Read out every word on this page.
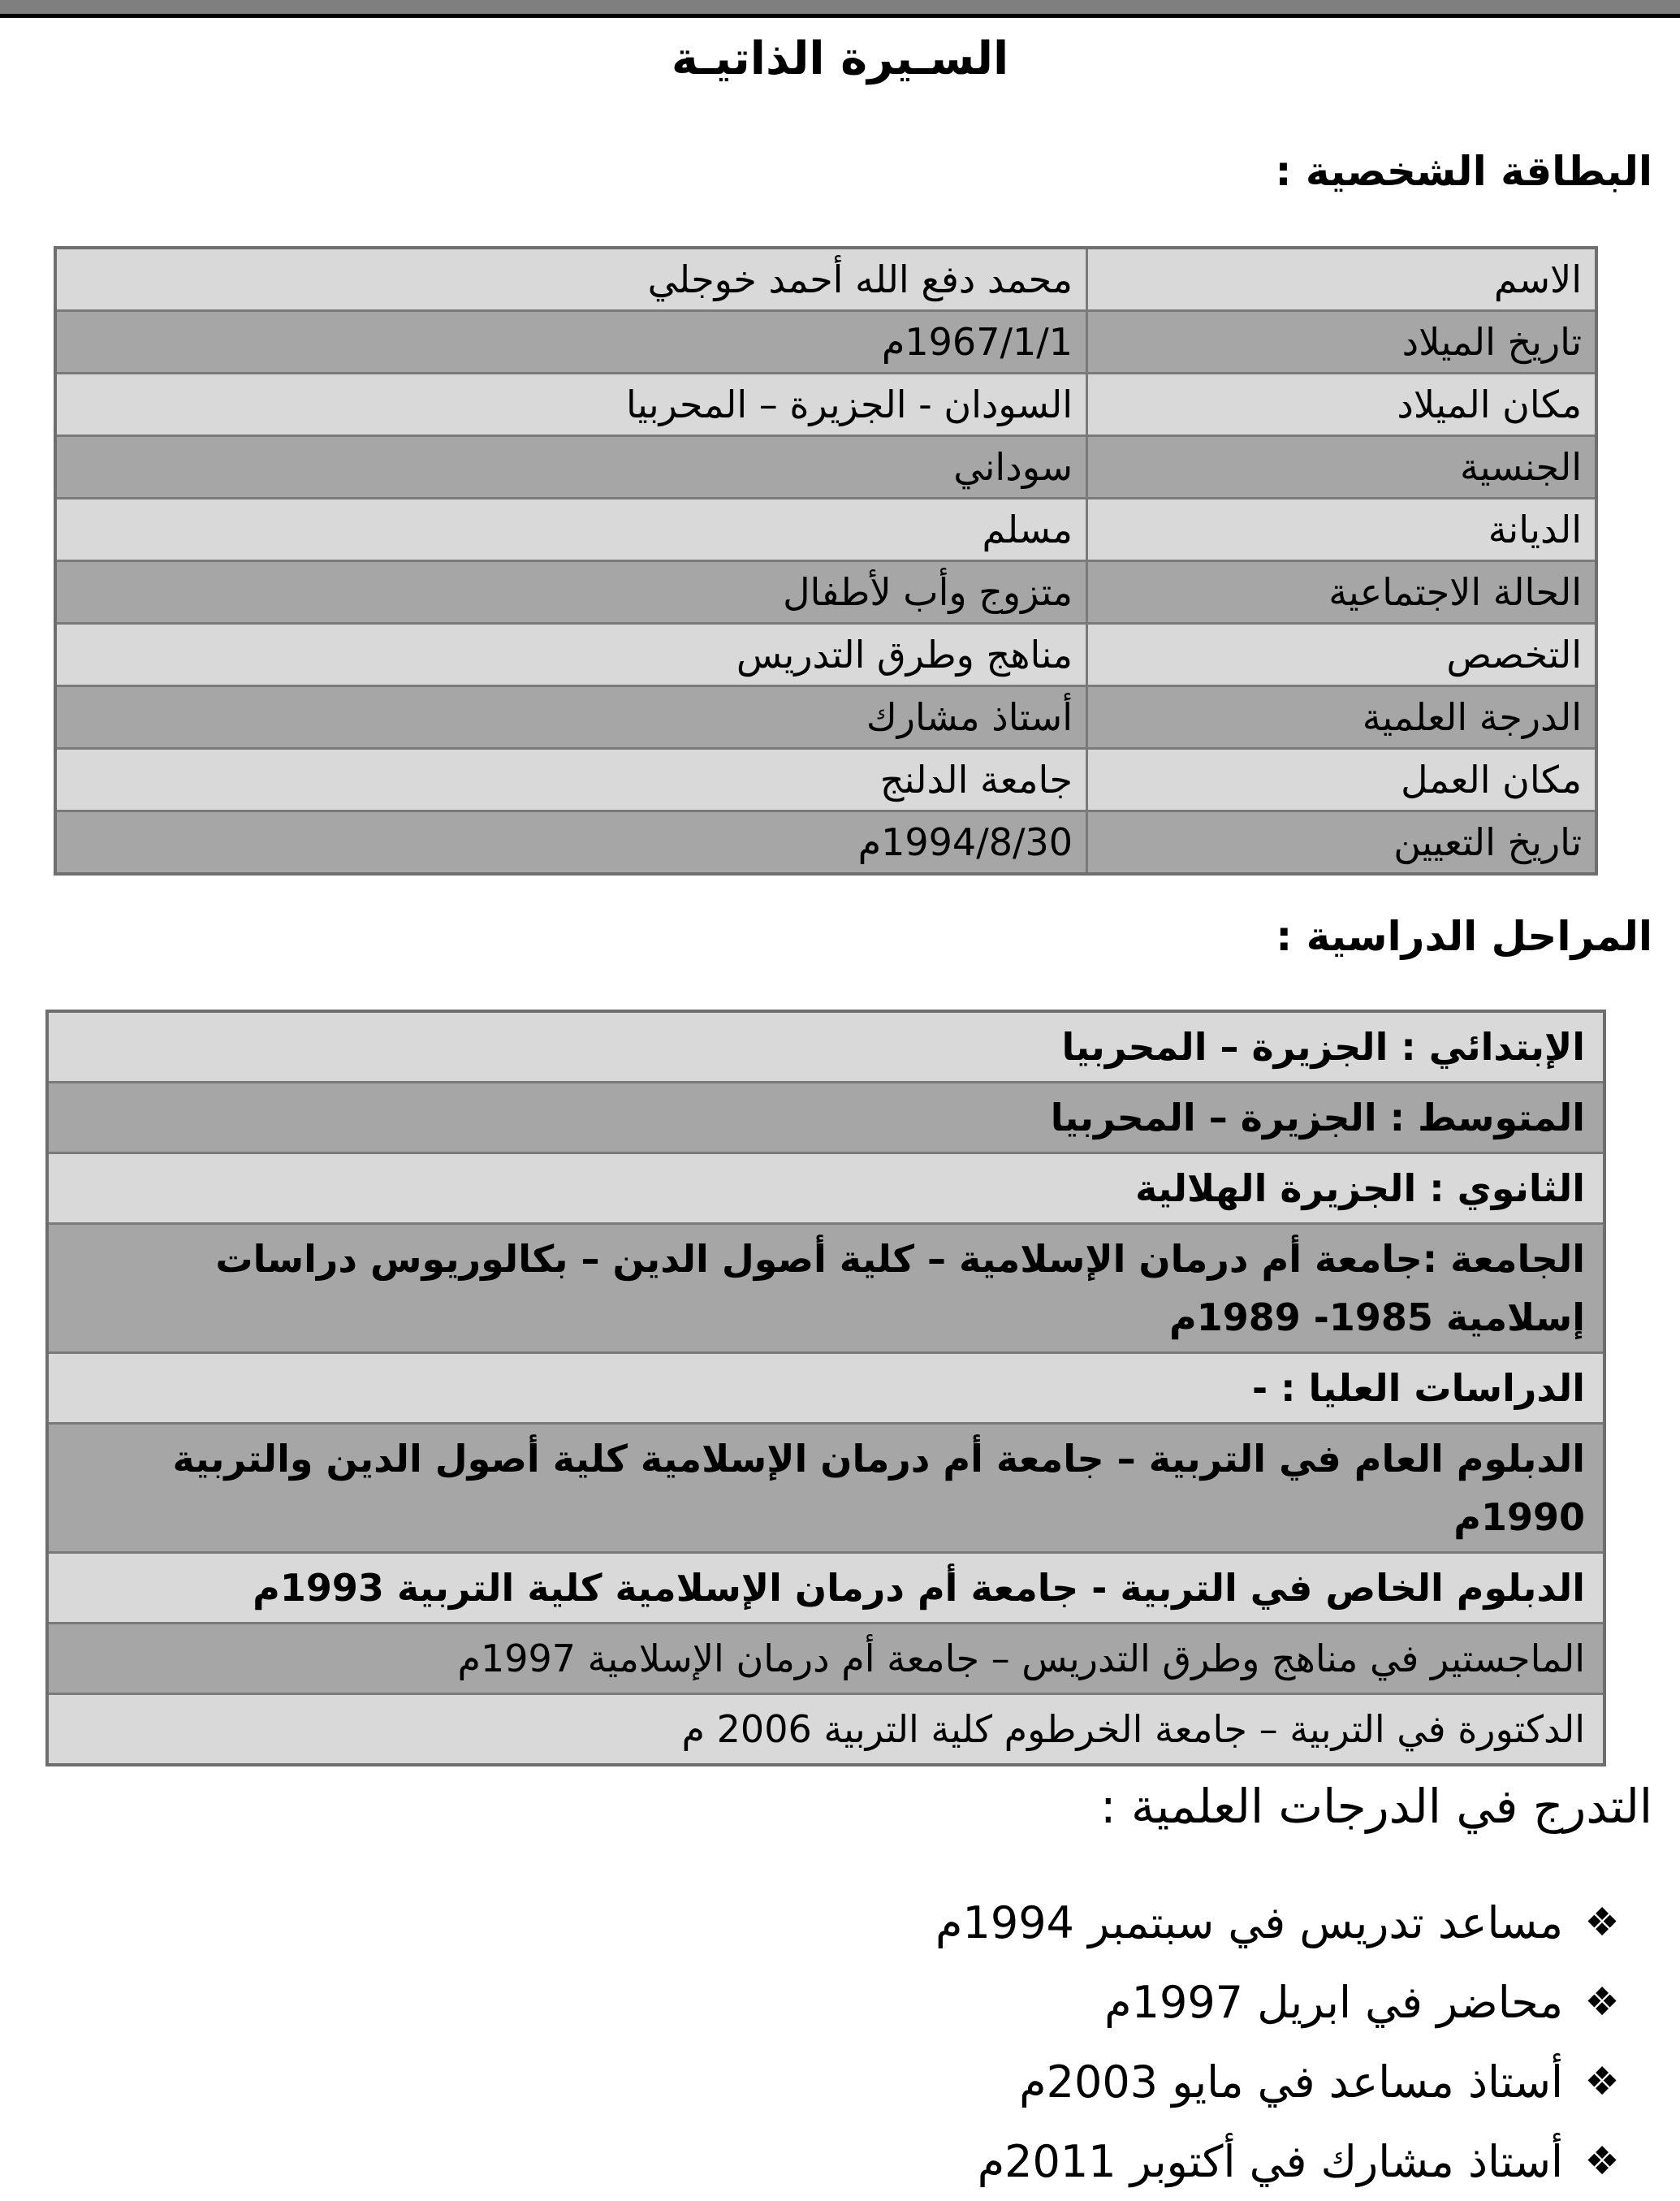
السـيرة الذاتيـة
البطاقة الشخصية :
الاسم	محمد دفع الله أحمد خوجلي
تاريخ الميلاد	1967/1/1م
مكان الميلاد	السودان - الجزيرة – المحربيا
الجنسية	سوداني
الديانة	مسلم
الحالة الاجتماعية	متزوج وأب لأطفال
التخصص	مناهج وطرق التدريس
الدرجة العلمية	أستاذ مشارك
مكان العمل	جامعة الدلنج
تاريخ التعيين	1994/8/30م
المراحل الدراسية :
الإبتدائي : الجزيرة – المحربيا
المتوسط : الجزيرة – المحربيا
الثانوي : الجزيرة الهلالية
الجامعة :جامعة أم درمان الإسلامية – كلية أصول الدين – بكالوريوس دراسات إسلامية 1985- 1989م
الدراسات العليا : -
الدبلوم العام في التربية – جامعة أم درمان الإسلامية كلية أصول الدين والتربية 1990م
الدبلوم الخاص في التربية - جامعة أم درمان الإسلامية كلية التربية 1993م
الماجستير في مناهج وطرق التدريس – جامعة أم درمان الإسلامية 1997م
الدكتورة في التربية – جامعة الخرطوم كلية التربية 2006 م
التدرج في الدرجات العلمية :
❖
مساعد تدريس في سبتمبر 1994م
❖
محاضر في ابريل 1997م
❖
أستاذ مساعد في مايو 2003م
❖
أستاذ مشارك في أكتوبر 2011م
